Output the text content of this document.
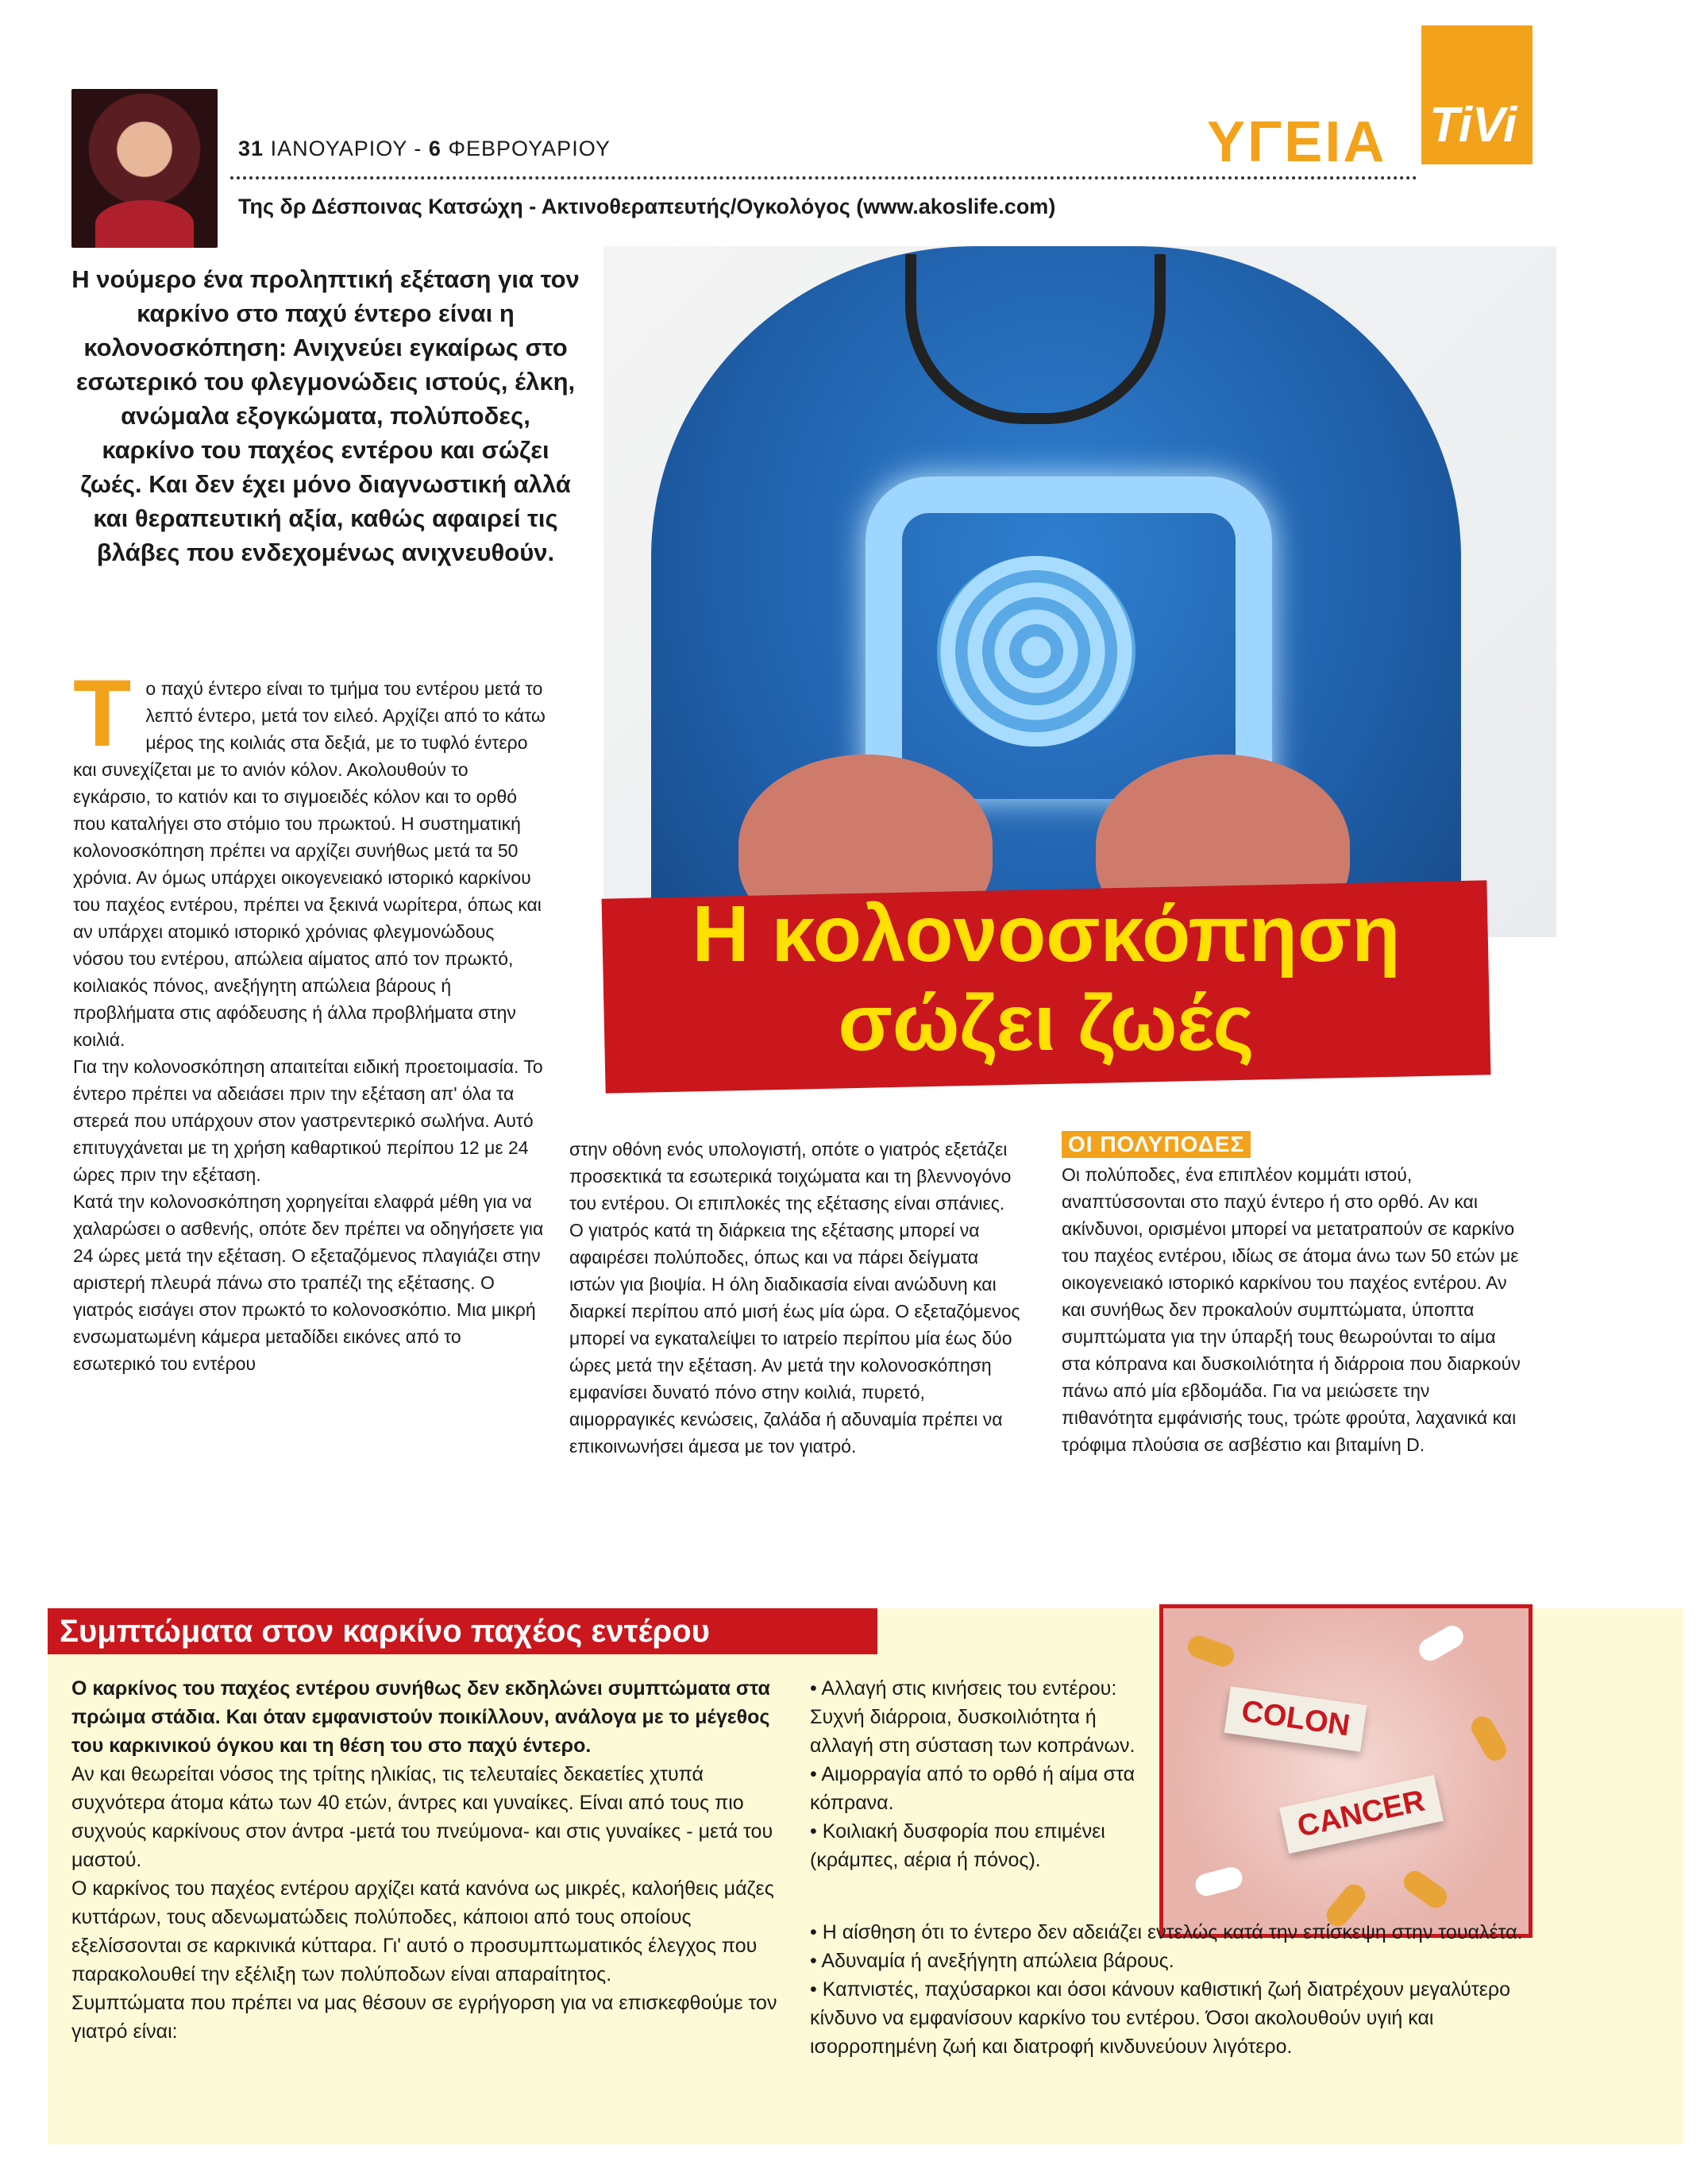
31 ΙΑΝΟΥΑΡΙΟΥ - 6 ΦΕΒΡΟΥΑΡΙΟΥ
Της δρ Δέσποινας Κατσώχη - Ακτινοθεραπευτής/Ογκολόγος (www.akoslife.com)
ΥΓΕΙΑ TiVi
Η νούμερο ένα προληπτική εξέταση για τον καρκίνο στο παχύ έντερο είναι η κολονοσκόπηση: Ανιχνεύει εγκαίρως στο εσωτερικό του φλεγμονώδεις ιστούς, έλκη, ανώμαλα εξογκώματα, πολύποδες, καρκίνο του παχέος εντέρου και σώζει ζωές. Και δεν έχει μόνο διαγνωστική αλλά και θεραπευτική αξία, καθώς αφαιρεί τις βλάβες που ενδεχομένως ανιχνευθούν.
Η κολονοσκόπηση
σώζει ζωές
Τ ο παχύ έντερο είναι το τμήμα του εντέρου μετά το λεπτό έντερο, μετά τον ειλεό. Αρχίζει από το κάτω μέρος της κοιλιάς στα δεξιά, με το τυφλό έντερο και συνεχίζεται με το ανιόν κόλον. Ακολουθούν το εγκάρσιο, το κατιόν και το σιγμοειδές κόλον και το ορθό που καταλήγει στο στόμιο του πρωκτού. Η συστηματική κολονοσκόπηση πρέπει να αρχίζει συνήθως μετά τα 50 χρόνια. Αν όμως υπάρχει οικογενειακό ιστορικό καρκίνου του παχέος εντέρου, πρέπει να ξεκινά νωρίτερα, όπως και αν υπάρχει ατομικό ιστορικό χρόνιας φλεγμονώδους νόσου του εντέρου, απώλεια αίματος από τον πρωκτό, κοιλιακός πόνος, ανεξήγητη απώλεια βάρους ή προβλήματα στις αφόδευσης ή άλλα προβλήματα στην κοιλιά.

Για την κολονοσκόπηση απαιτείται ειδική προετοιμασία. Το έντερο πρέπει να αδειάσει πριν την εξέταση απ' όλα τα στερεά που υπάρχουν στον γαστρεντερικό σωλήνα. Αυτό επιτυγχάνεται με τη χρήση καθαρτικού περίπου 12 με 24 ώρες πριν την εξέταση.

Κατά την κολονοσκόπηση χορηγείται ελαφρά μέθη για να χαλαρώσει ο ασθενής, οπότε δεν πρέπει να οδηγήσετε για 24 ώρες μετά την εξέταση. Ο εξεταζόμενος πλαγιάζει στην αριστερή πλευρά πάνω στο τραπέζι της εξέτασης. Ο γιατρός εισάγει στον πρωκτό το κολονοσκόπιο. Μια μικρή ενσωματωμένη κάμερα μεταδίδει εικόνες από το εσωτερικό του εντέρου

στην οθόνη ενός υπολογιστή, οπότε ο γιατρός εξετάζει προσεκτικά τα εσωτερικά τοιχώματα και τη βλεννογόνο του εντέρου. Οι επιπλοκές της εξέτασης είναι σπάνιες.

Ο γιατρός κατά τη διάρκεια της εξέτασης μπορεί να αφαιρέσει πολύποδες, όπως και να πάρει δείγματα ιστών για βιοψία. Η όλη διαδικασία είναι ανώδυνη και διαρκεί περίπου από μισή έως μία ώρα. Ο εξεταζόμενος μπορεί να εγκαταλείψει το ιατρείο περίπου μία έως δύο ώρες μετά την εξέταση. Αν μετά την κολονοσκόπηση εμφανίσει δυνατό πόνο στην κοιλιά, πυρετό, αιμορραγικές κενώσεις, ζαλάδα ή αδυναμία πρέπει να επικοινωνήσει άμεσα με τον γιατρό.

ΟΙ ΠΟΛΥΠΟΔΕΣ

Οι πολύποδες, ένα επιπλέον κομμάτι ιστού, αναπτύσσονται στο παχύ έντερο ή στο ορθό. Αν και ακίνδυνοι, ορισμένοι μπορεί να μετατραπούν σε καρκίνο του παχέος εντέρου, ιδίως σε άτομα άνω των 50 ετών με οικογενειακό ιστορικό καρκίνου του παχέος εντέρου. Αν και συνήθως δεν προκαλούν συμπτώματα, ύποπτα συμπτώματα για την ύπαρξή τους θεωρούνται το αίμα στα κόπρανα και δυσκοιλιότητα ή διάρροια που διαρκούν πάνω από μία εβδομάδα. Για να μειώσετε την πιθανότητα εμφάνισής τους, τρώτε φρούτα, λαχανικά και τρόφιμα πλούσια σε ασβέστιο και βιταμίνη D.

Συμπτώματα στον καρκίνο παχέος εντέρου

Ο καρκίνος του παχέος εντέρου συνήθως δεν εκδηλώνει συμπτώματα στα πρώιμα στάδια. Και όταν εμφανιστούν ποικίλλουν, ανάλογα με το μέγεθος του καρκινικού όγκου και τη θέση του στο παχύ έντερο.

Αν και θεωρείται νόσος της τρίτης ηλικίας, τις τελευταίες δεκαετίες χτυπά συχνότερα άτομα κάτω των 40 ετών, άντρες και γυναίκες. Είναι από τους πιο συχνούς καρκίνους στον άντρα -μετά του πνεύμονα- και στις γυναίκες - μετά του μαστού.

Ο καρκίνος του παχέος εντέρου αρχίζει κατά κανόνα ως μικρές, καλοήθεις μάζες κυττάρων, τους αδενωματώδεις πολύποδες, κάποιοι από τους οποίους εξελίσσονται σε καρκινικά κύτταρα. Γι' αυτό ο προσυμπτωματικός έλεγχος που παρακολουθεί την εξέλιξη των πολύποδων είναι απαραίτητος.

Συμπτώματα που πρέπει να μας θέσουν σε εγρήγορση για να επισκεφθούμε τον γιατρό είναι:

COLON
CANCER

• Αλλαγή στις κινήσεις του εντέρου: Συχνή διάρροια, δυσκοιλιότητα ή αλλαγή στη σύσταση των κοπράνων.

• Αιμορραγία από το ορθό ή αίμα στα κόπρανα.

• Κοιλιακή δυσφορία που επιμένει (κράμπες, αέρια ή πόνος).

• Η αίσθηση ότι το έντερο δεν αδειάζει εντελώς κατά την επίσκεψη στην τουαλέτα.

• Αδυναμία ή ανεξήγητη απώλεια βάρους.

• Καπνιστές, παχύσαρκοι και όσοι κάνουν καθιστική ζωή διατρέχουν μεγαλύτερο κίνδυνο να εμφανίσουν καρκίνο του εντέρου. Όσοι ακολουθούν υγιή και ισορροπημένη ζωή και διατροφή κινδυνεύουν λιγότερο.
